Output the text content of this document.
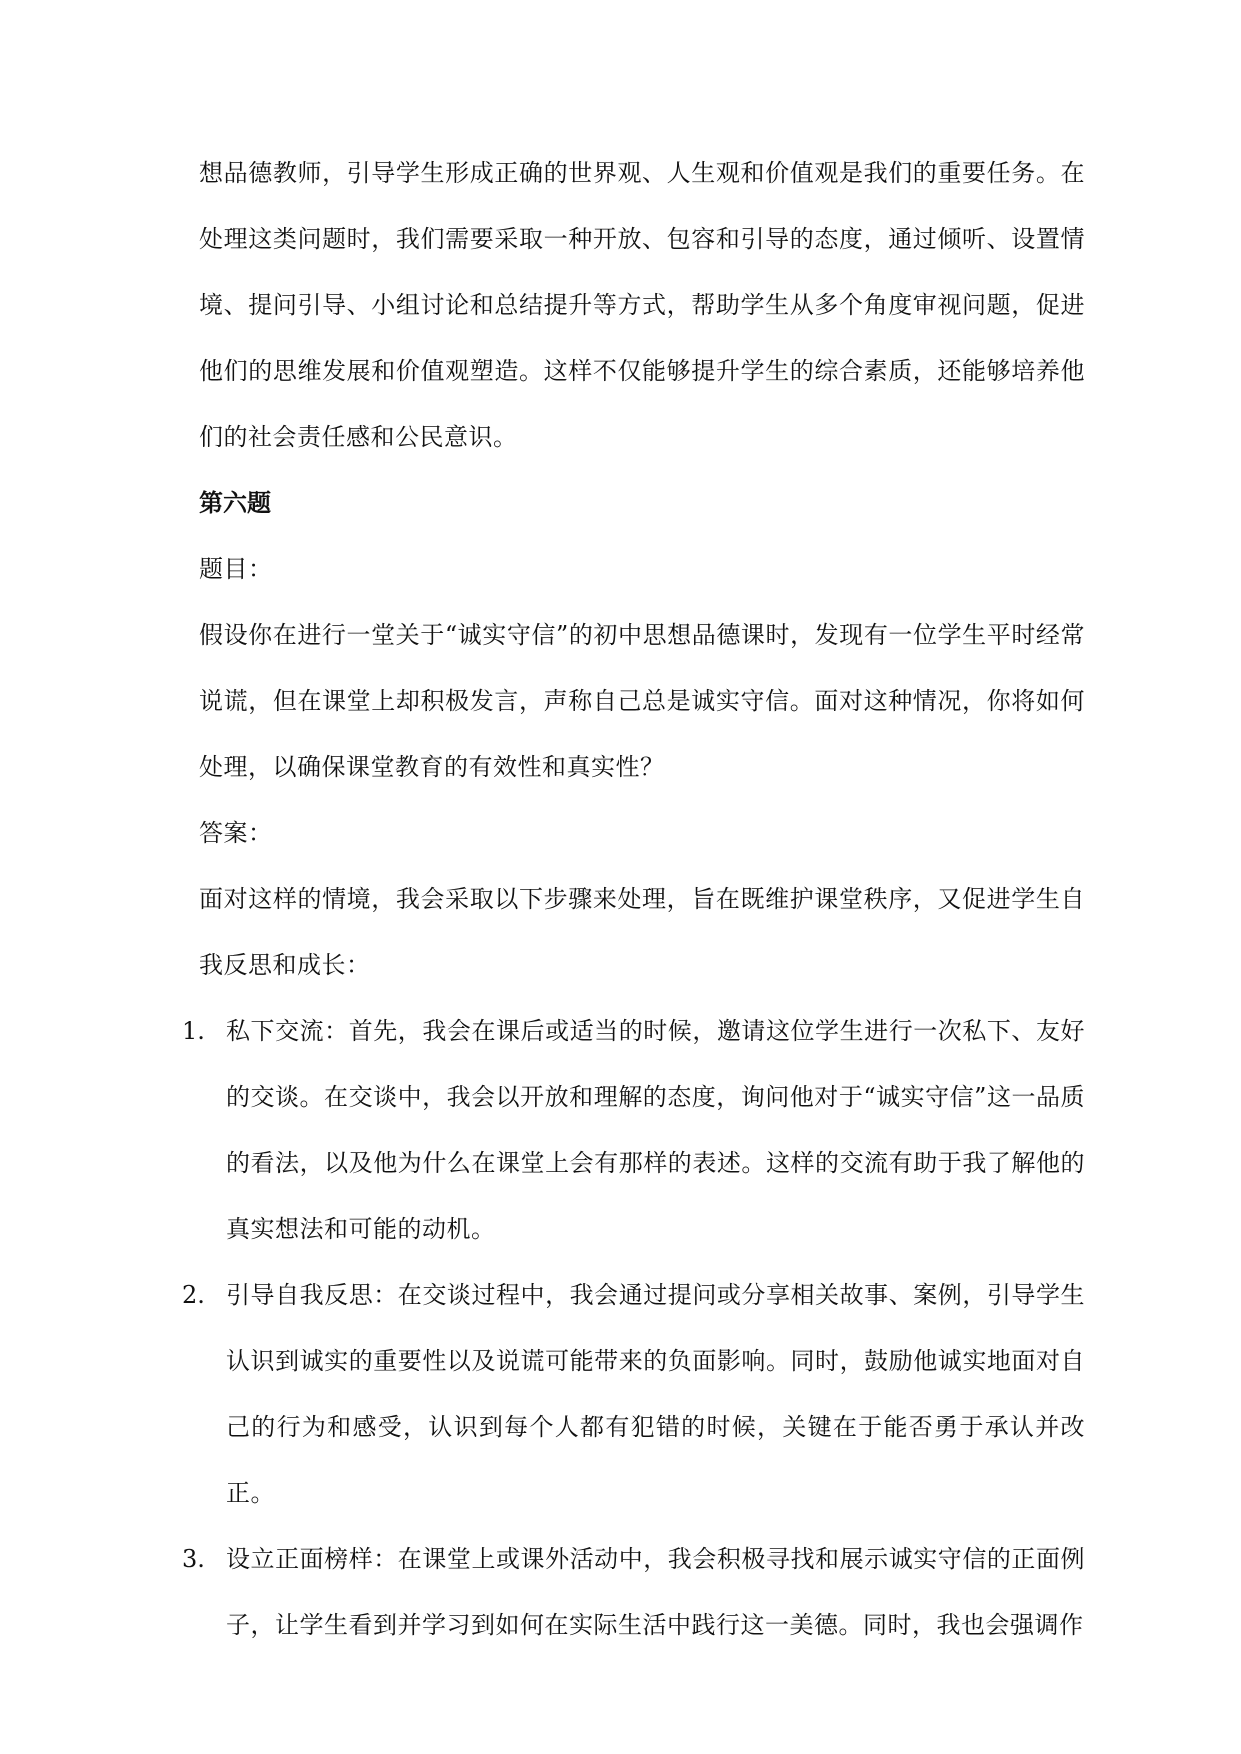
想品德教师，引导学生形成正确的世界观、人生观和价值观是我们的重要任务。在处理这类问题时，我们需要采取一种开放、包容和引导的态度，通过倾听、设置情境、提问引导、小组讨论和总结提升等方式，帮助学生从多个角度审视问题，促进他们的思维发展和价值观塑造。这样不仅能够提升学生的综合素质，还能够培养他们的社会责任感和公民意识。

第六题

题目：

假设你在进行一堂关于“诚实守信”的初中思想品德课时，发现有一位学生平时经常说谎，但在课堂上却积极发言，声称自己总是诚实守信。面对这种情况，你将如何处理，以确保课堂教育的有效性和真实性？

答案：

面对这样的情境，我会采取以下步骤来处理，旨在既维护课堂秩序，又促进学生自我反思和成长：

1. 私下交流：首先，我会在课后或适当的时候，邀请这位学生进行一次私下、友好的交谈。在交谈中，我会以开放和理解的态度，询问他对于“诚实守信”这一品质的看法，以及他为什么在课堂上会有那样的表述。这样的交流有助于我了解他的真实想法和可能的动机。

2. 引导自我反思：在交谈过程中，我会通过提问或分享相关故事、案例，引导学生认识到诚实的重要性以及说谎可能带来的负面影响。同时，鼓励他诚实地面对自己的行为和感受，认识到每个人都有犯错的时候，关键在于能否勇于承认并改正。

3. 设立正面榜样：在课堂上或课外活动中，我会积极寻找和展示诚实守信的正面例子，让学生看到并学习到如何在实际生活中践行这一美德。同时，我也会强调作
